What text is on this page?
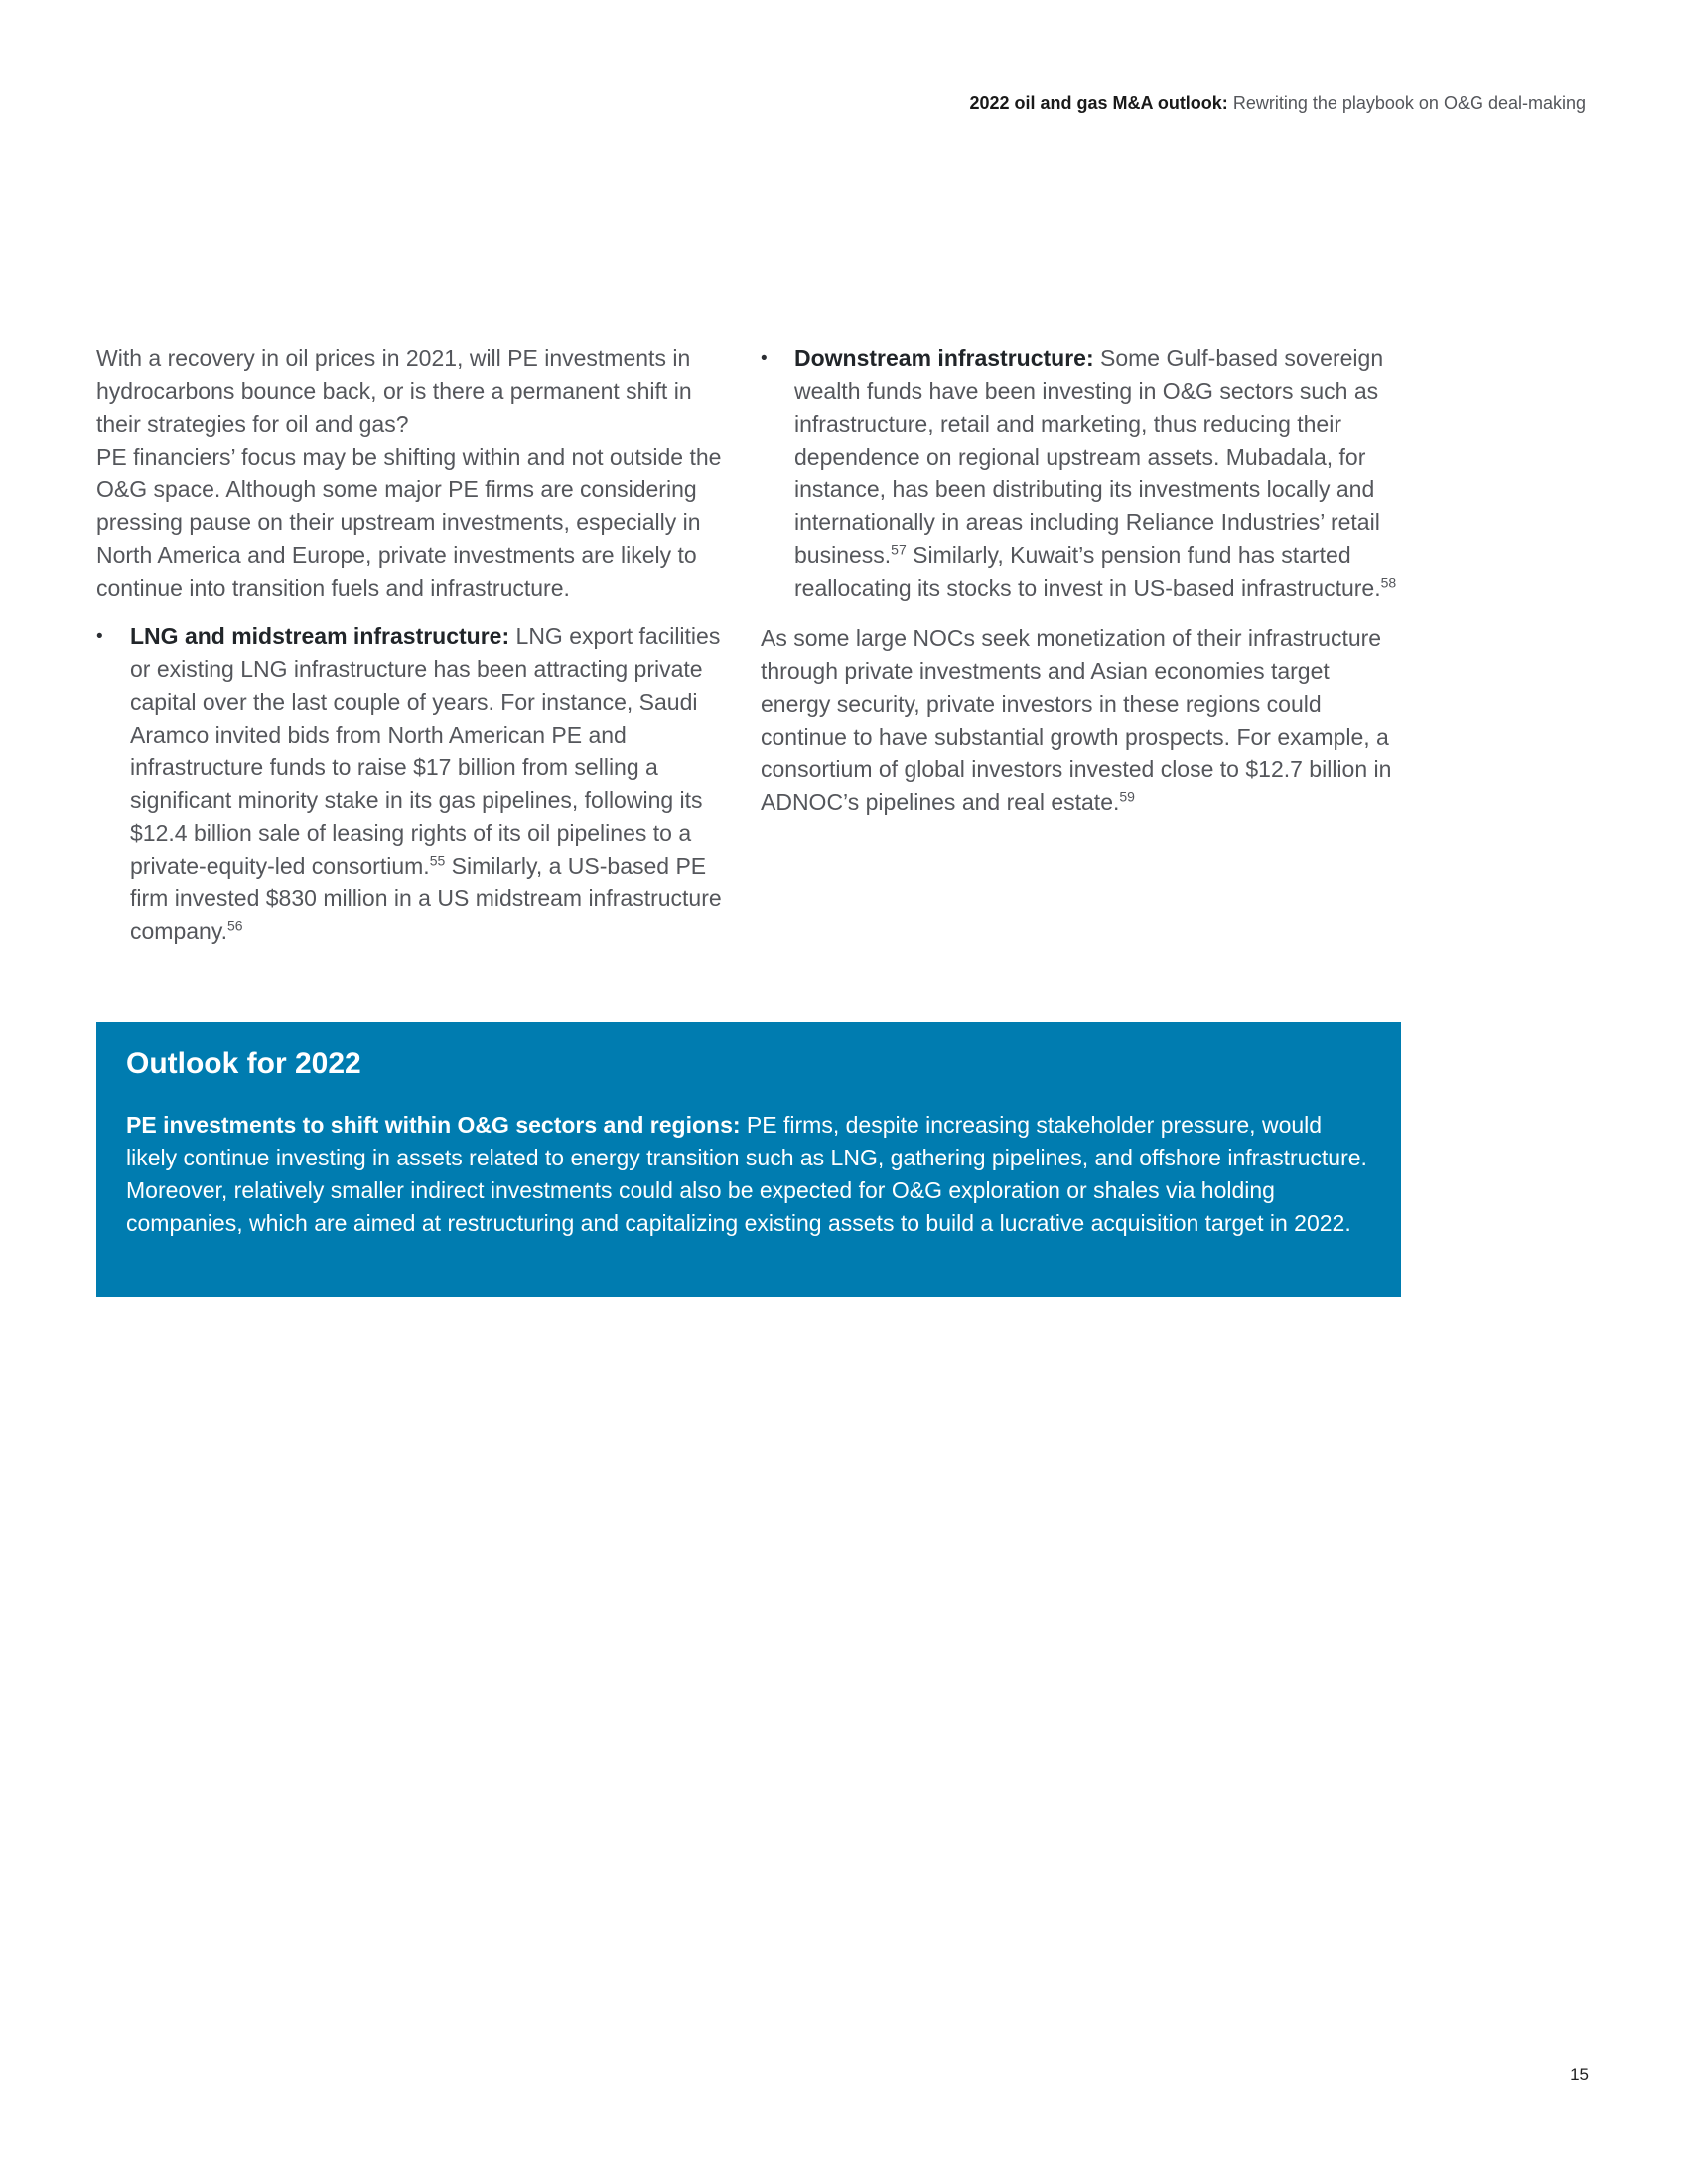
2022 oil and gas M&A outlook: Rewriting the playbook on O&G deal-making

With a recovery in oil prices in 2021, will PE investments in hydrocarbons bounce back, or is there a permanent shift in their strategies for oil and gas?

PE financiers’ focus may be shifting within and not outside the O&G space. Although some major PE firms are considering pressing pause on their upstream investments, especially in North America and Europe, private investments are likely to continue into transition fuels and infrastructure.

•	LNG and midstream infrastructure: LNG export facilities or existing LNG infrastructure has been attracting private capital over the last couple of years. For instance, Saudi Aramco invited bids from North American PE and infrastructure funds to raise $17 billion from selling a significant minority stake in its gas pipelines, following its $12.4 billion sale of leasing rights of its oil pipelines to a private-equity-led consortium.$^{55}$ Similarly, a US-based PE firm invested $830 million in a US midstream infrastructure company.$^{56}$

•	Downstream infrastructure: Some Gulf-based sovereign wealth funds have been investing in O&G sectors such as infrastructure, retail and marketing, thus reducing their dependence on regional upstream assets. Mubadala, for instance, has been distributing its investments locally and internationally in areas including Reliance Industries’ retail business.$^{57}$ Similarly, Kuwait’s pension fund has started reallocating its stocks to invest in US-based infrastructure.$^{58}$

As some large NOCs seek monetization of their infrastructure through private investments and Asian economies target energy security, private investors in these regions could continue to have substantial growth prospects. For example, a consortium of global investors invested close to $12.7 billion in ADNOC’s pipelines and real estate.$^{59}$

Outlook for 2022

PE investments to shift within O&G sectors and regions: PE firms, despite increasing stakeholder pressure, would likely continue investing in assets related to energy transition such as LNG, gathering pipelines, and offshore infrastructure. Moreover, relatively smaller indirect investments could also be expected for O&G exploration or shales via holding companies, which are aimed at restructuring and capitalizing existing assets to build a lucrative acquisition target in 2022.

15
